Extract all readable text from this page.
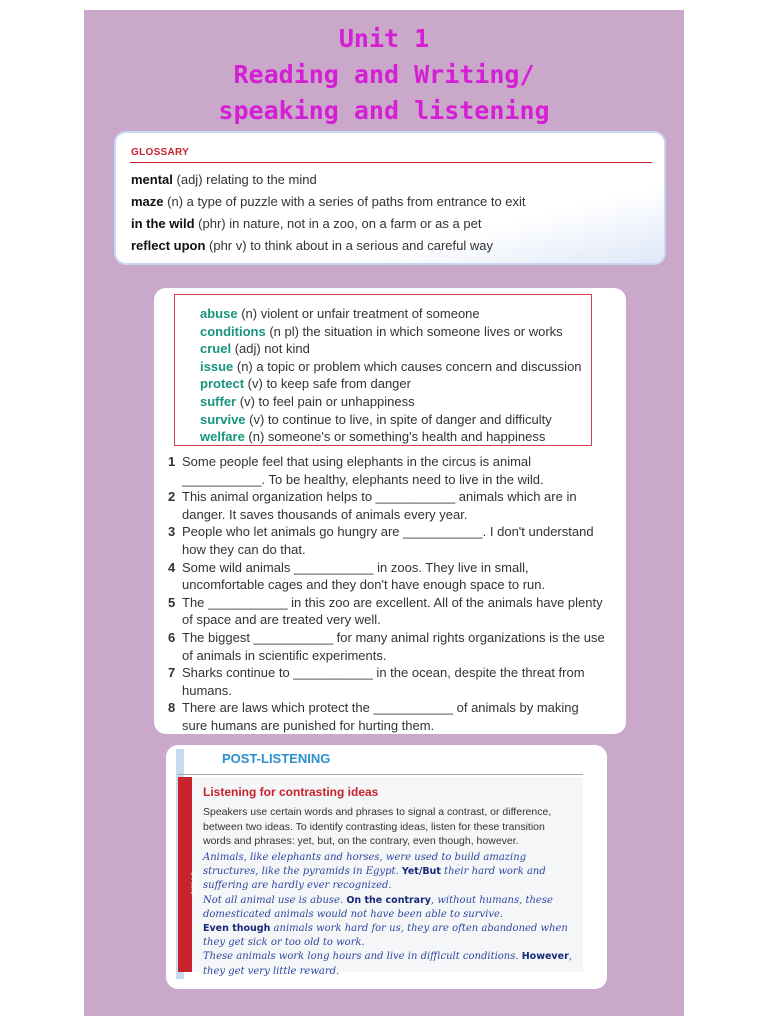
Unit 1
Reading and Writing/
speaking and listening
GLOSSARY
mental (adj) relating to the mind
maze (n) a type of puzzle with a series of paths from entrance to exit
in the wild (phr) in nature, not in a zoo, on a farm or as a pet
reflect upon (phr v) to think about in a serious and careful way
abuse (n) violent or unfair treatment of someone
conditions (n pl) the situation in which someone lives or works
cruel (adj) not kind
issue (n) a topic or problem which causes concern and discussion
protect (v) to keep safe from danger
suffer (v) to feel pain or unhappiness
survive (v) to continue to live, in spite of danger and difficulty
welfare (n) someone's or something's health and happiness
1 Some people feel that using elephants in the circus is animal
___________. To be healthy, elephants need to live in the wild.
2 This animal organization helps to ___________ animals which are in
danger. It saves thousands of animals every year.
3 People who let animals go hungry are ___________. I don't understand
how they can do that.
4 Some wild animals ___________ in zoos. They live in small,
uncomfortable cages and they don't have enough space to run.
5 The ___________ in this zoo are excellent. All of the animals have plenty
of space and are treated very well.
6 The biggest ___________ for many animal rights organizations is the use
of animals in scientific experiments.
7 Sharks continue to ___________ in the ocean, despite the threat from
humans.
8 There are laws which protect the ___________ of animals by making
sure humans are punished for hurting them.
POST-LISTENING
SKILLS
Listening for contrasting ideas
Speakers use certain words and phrases to signal a contrast, or difference,
between two ideas. To identify contrasting ideas, listen for these transition
words and phrases: yet, but, on the contrary, even though, however.
Animals, like elephants and horses, were used to build amazing
structures, like the pyramids in Egypt. Yet/But their hard work and
suffering are hardly ever recognized.
Not all animal use is abuse. On the contrary, without humans, these
domesticated animals would not have been able to survive.
Even though animals work hard for us, they are often abandoned when
they get sick or too old to work.
These animals work long hours and live in difficult conditions. However,
they get very little reward.
